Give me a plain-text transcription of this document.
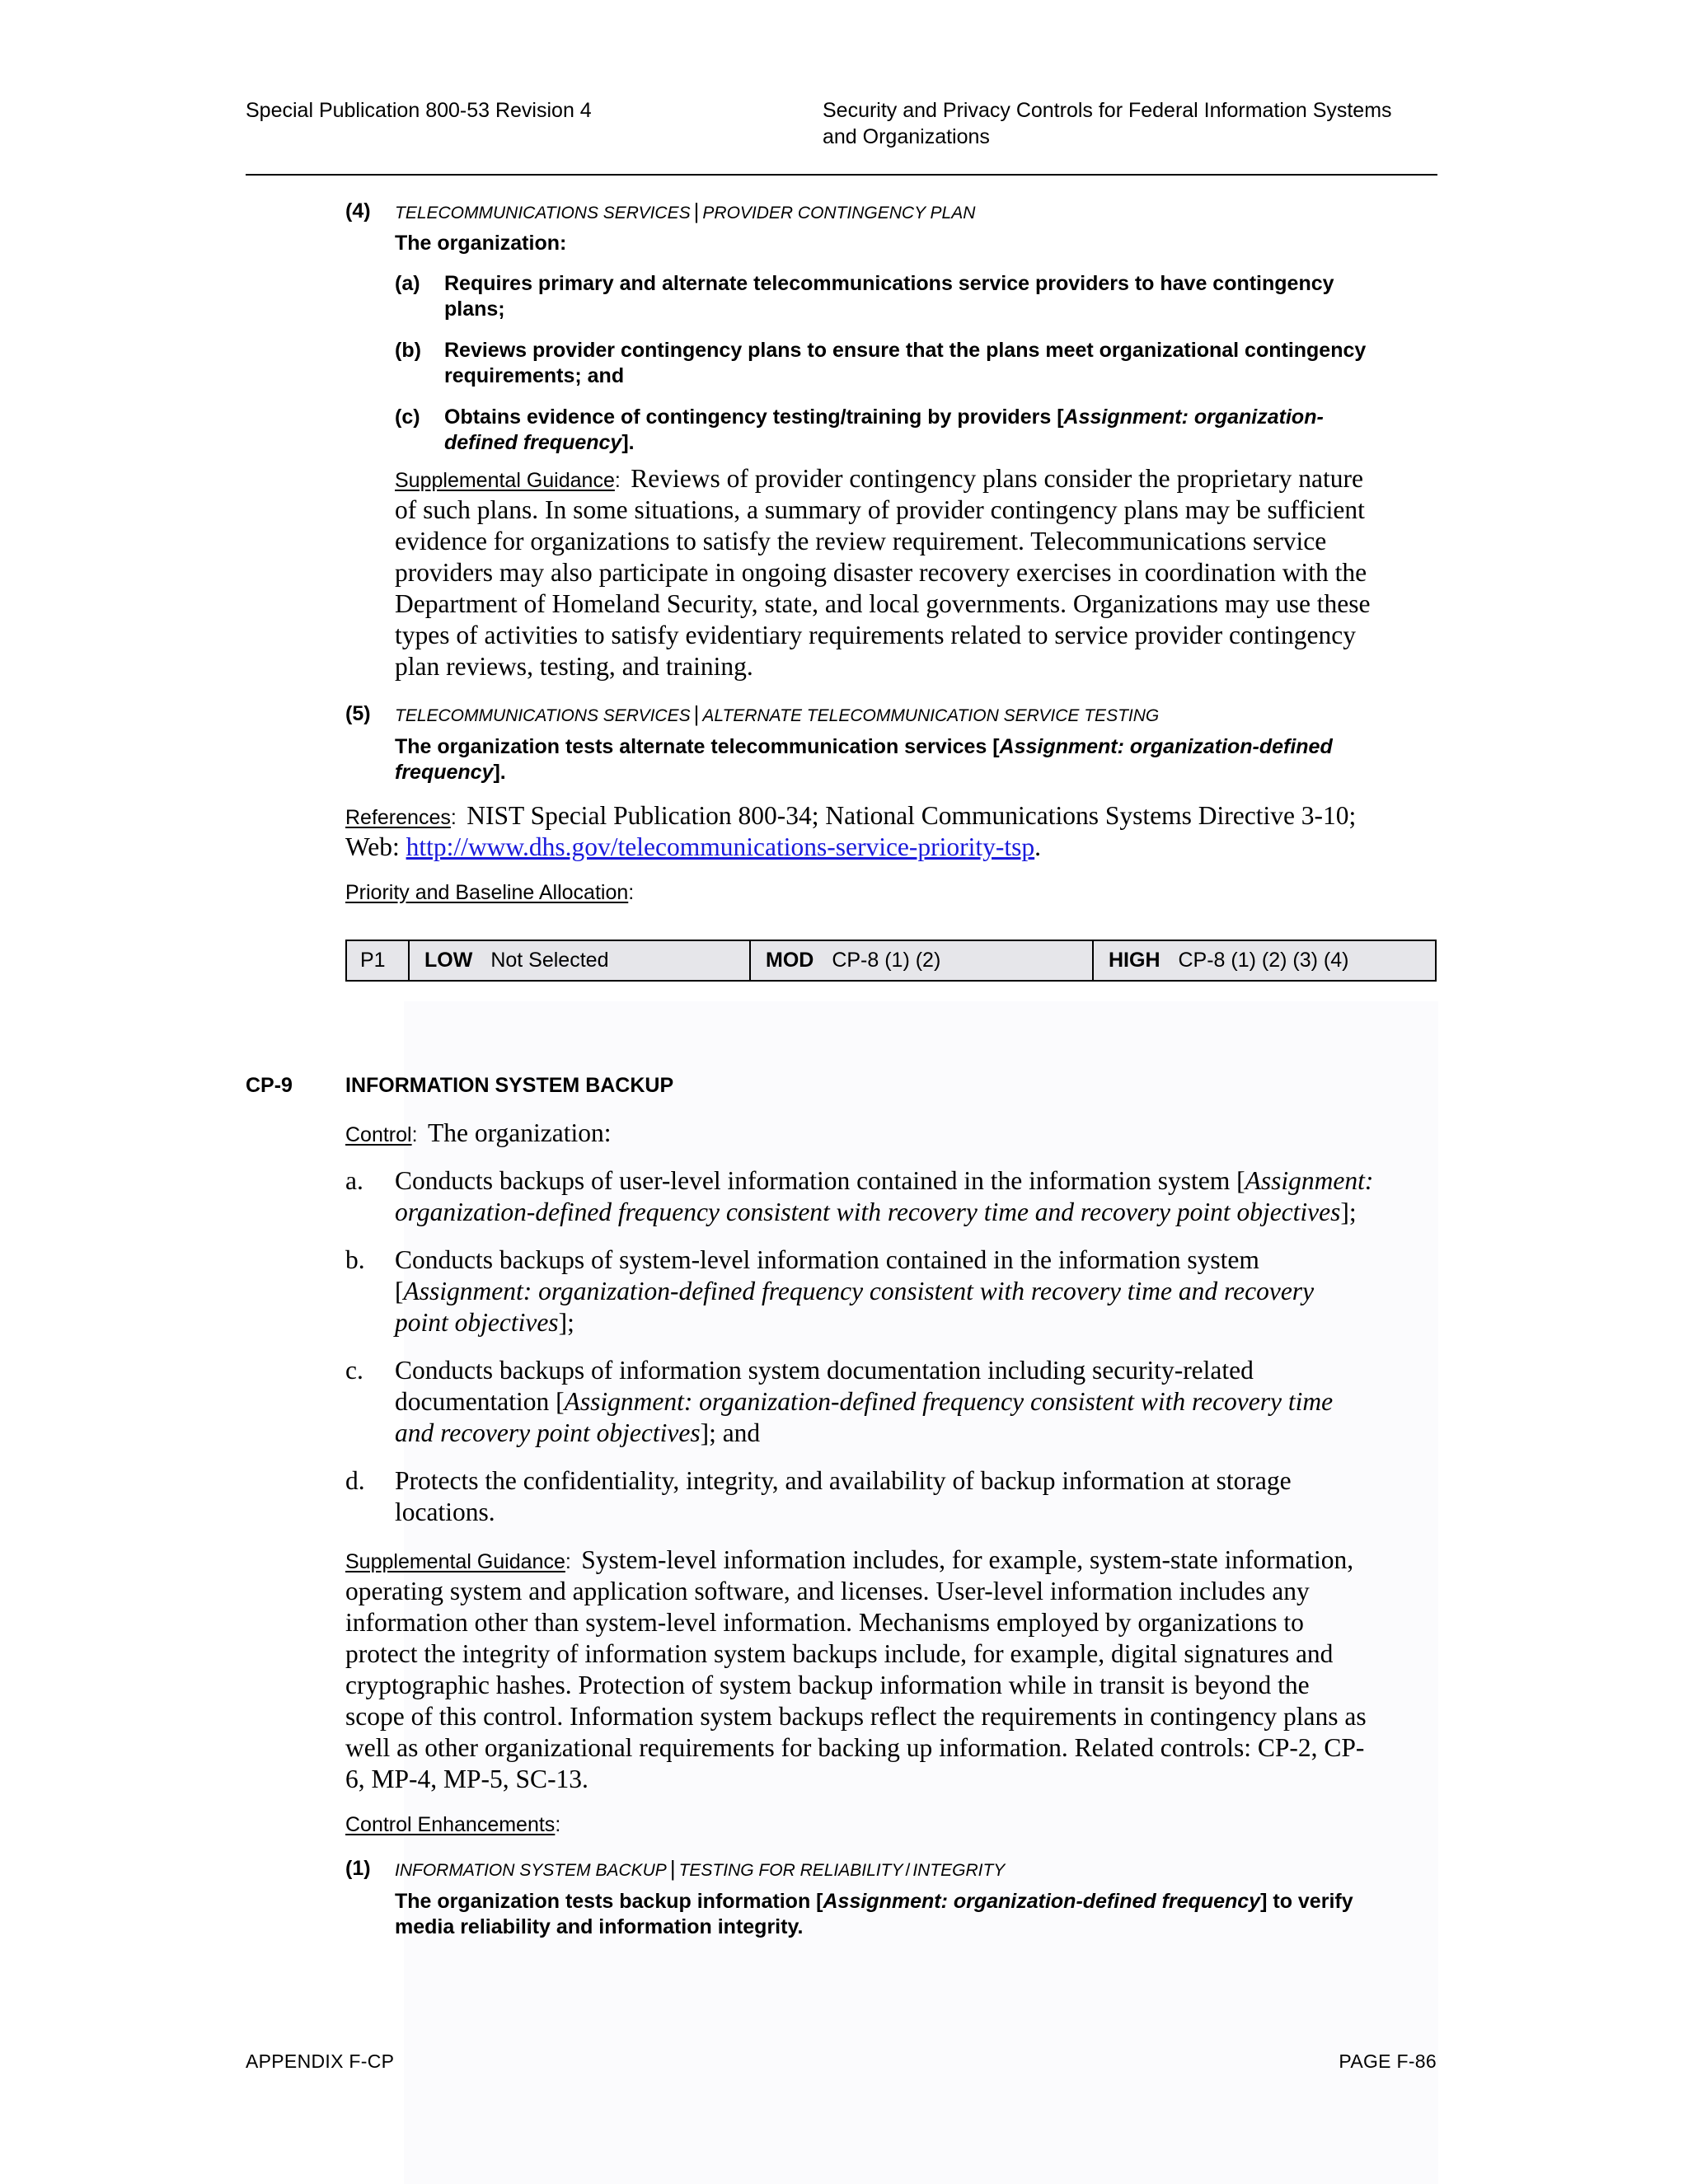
Special Publication 800-53 Revision 4	Security and Privacy Controls for Federal Information Systems
and Organizations
(4) TELECOMMUNICATIONS SERVICES | PROVIDER CONTINGENCY PLAN
The organization:
(a) Requires primary and alternate telecommunications service providers to have contingency
plans;
(b) Reviews provider contingency plans to ensure that the plans meet organizational contingency
requirements; and
(c) Obtains evidence of contingency testing/training by providers [Assignment: organization-
defined frequency].
Supplemental Guidance: Reviews of provider contingency plans consider the proprietary nature
of such plans. In some situations, a summary of provider contingency plans may be sufficient
evidence for organizations to satisfy the review requirement. Telecommunications service
providers may also participate in ongoing disaster recovery exercises in coordination with the
Department of Homeland Security, state, and local governments. Organizations may use these
types of activities to satisfy evidentiary requirements related to service provider contingency
plan reviews, testing, and training.
(5) TELECOMMUNICATIONS SERVICES | ALTERNATE TELECOMMUNICATION SERVICE TESTING
The organization tests alternate telecommunication services [Assignment: organization-defined
frequency].
References: NIST Special Publication 800-34; National Communications Systems Directive 3-10;
Web: http://www.dhs.gov/telecommunications-service-priority-tsp.
Priority and Baseline Allocation:
P1 LOW Not Selected	MOD CP-8 (1) (2)	HIGH CP-8 (1) (2) (3) (4)
CP-9	INFORMATION SYSTEM BACKUP
Control: The organization:
a. Conducts backups of user-level information contained in the information system [Assignment:
organization-defined frequency consistent with recovery time and recovery point objectives];
b. Conducts backups of system-level information contained in the information system
[Assignment: organization-defined frequency consistent with recovery time and recovery
point objectives];
c. Conducts backups of information system documentation including security-related
documentation [Assignment: organization-defined frequency consistent with recovery time
and recovery point objectives]; and
d. Protects the confidentiality, integrity, and availability of backup information at storage
locations.
Supplemental Guidance: System-level information includes, for example, system-state information,
operating system and application software, and licenses. User-level information includes any
information other than system-level information. Mechanisms employed by organizations to
protect the integrity of information system backups include, for example, digital signatures and
cryptographic hashes. Protection of system backup information while in transit is beyond the
scope of this control. Information system backups reflect the requirements in contingency plans as
well as other organizational requirements for backing up information. Related controls: CP-2, CP-
6, MP-4, MP-5, SC-13.
Control Enhancements:
(1) INFORMATION SYSTEM BACKUP | TESTING FOR RELIABILITY / INTEGRITY
The organization tests backup information [Assignment: organization-defined frequency] to verify
media reliability and information integrity.
APPENDIX F-CP	PAGE F-86
